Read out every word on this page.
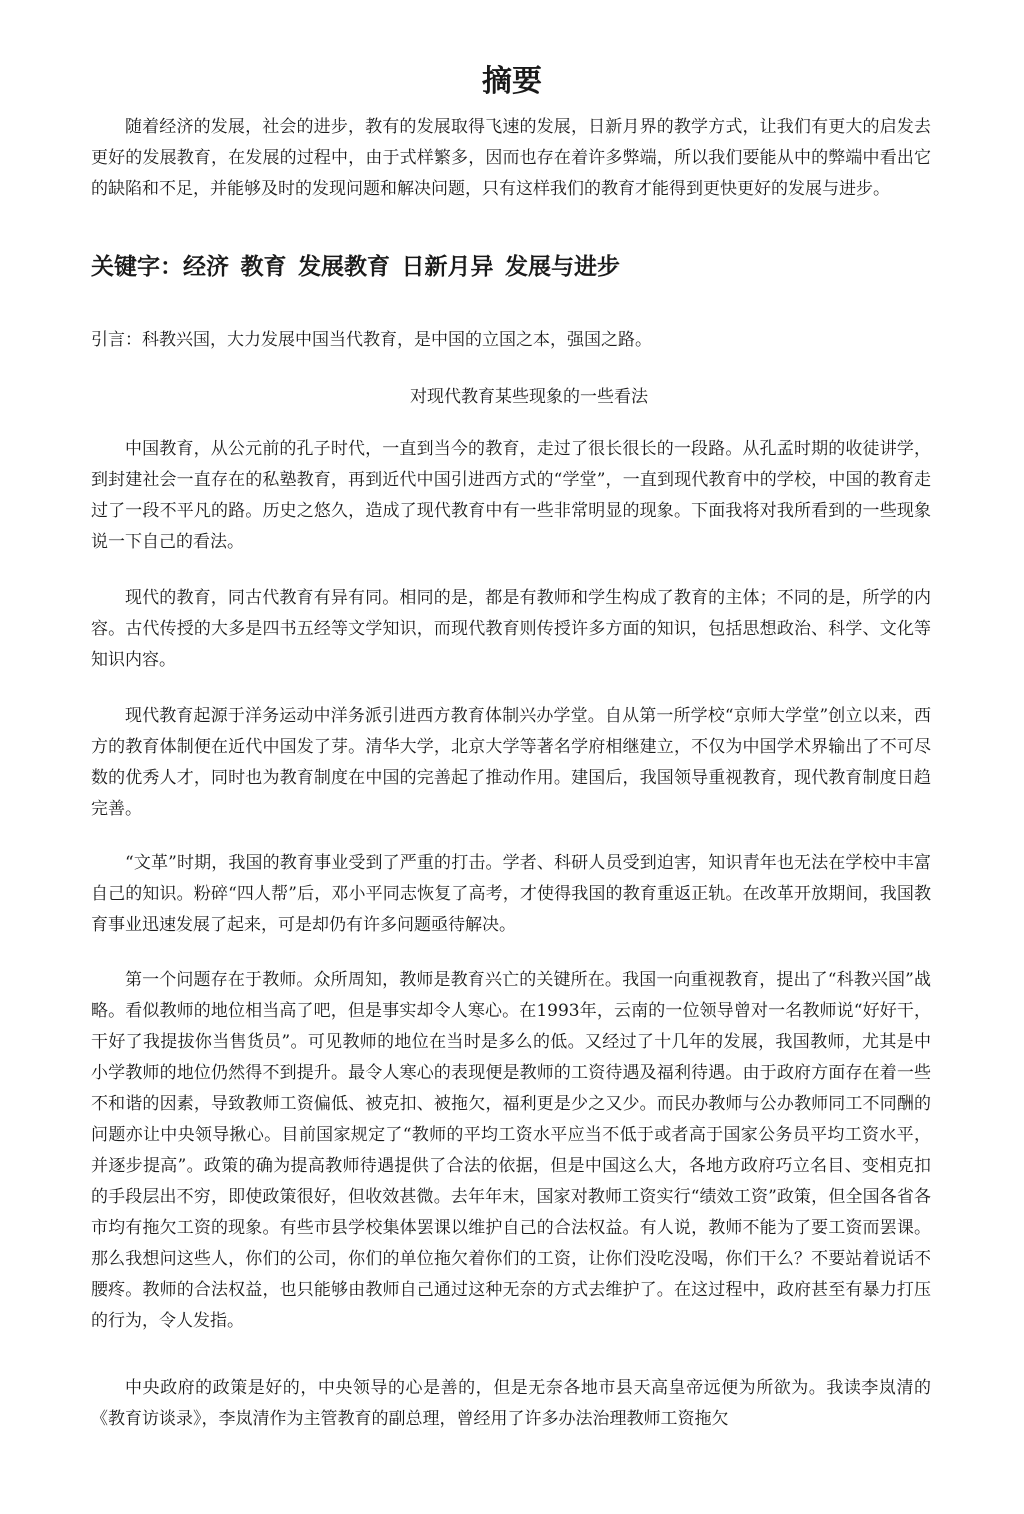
摘要

随着经济的发展，社会的进步，教有的发展取得飞速的发展，日新月界的教学方式，让我们有更大的启发去更好的发展教育，在发展的过程中，由于式样繁多，因而也存在着许多弊端，所以我们要能从中的弊端中看出它的缺陷和不足，并能够及时的发现问题和解决问题，只有这样我们的教育才能得到更快更好的发展与进步。

关键字：经济 教育 发展教育 日新月异 发展与进步

引言：科教兴国，大力发展中国当代教育，是中国的立国之本，强国之路。

对现代教育某些现象的一些看法

中国教育，从公元前的孔子时代，一直到当今的教育，走过了很长很长的一段路。从孔孟时期的收徒讲学，到封建社会一直存在的私塾教育，再到近代中国引进西方式的“学堂”，一直到现代教育中的学校，中国的教育走过了一段不平凡的路。历史之悠久，造成了现代教育中有一些非常明显的现象。下面我将对我所看到的一些现象说一下自己的看法。

现代的教育，同古代教育有异有同。相同的是，都是有教师和学生构成了教育的主体；不同的是，所学的内容。古代传授的大多是四书五经等文学知识，而现代教育则传授许多方面的知识，包括思想政治、科学、文化等知识内容。

现代教育起源于洋务运动中洋务派引进西方教育体制兴办学堂。自从第一所学校“京师大学堂”创立以来，西方的教育体制便在近代中国发了芽。清华大学，北京大学等著名学府相继建立，不仅为中国学术界输出了不可尽数的优秀人才，同时也为教育制度在中国的完善起了推动作用。建国后，我国领导重视教育，现代教育制度日趋完善。

“文革”时期，我国的教育事业受到了严重的打击。学者、科研人员受到迫害，知识青年也无法在学校中丰富自己的知识。粉碎“四人帮”后，邓小平同志恢复了高考，才使得我国的教育重返正轨。在改革开放期间，我国教育事业迅速发展了起来，可是却仍有许多问题亟待解决。

第一个问题存在于教师。众所周知，教师是教育兴亡的关键所在。我国一向重视教育，提出了“科教兴国”战略。看似教师的地位相当高了吧，但是事实却令人寒心。在1993年，云南的一位领导曾对一名教师说“好好干，干好了我提拔你当售货员”。可见教师的地位在当时是多么的低。又经过了十几年的发展，我国教师，尤其是中小学教师的地位仍然得不到提升。最令人寒心的表现便是教师的工资待遇及福利待遇。由于政府方面存在着一些不和谐的因素，导致教师工资偏低、被克扣、被拖欠，福利更是少之又少。而民办教师与公办教师同工不同酬的问题亦让中央领导揪心。目前国家规定了“教师的平均工资水平应当不低于或者高于国家公务员平均工资水平，并逐步提高”。政策的确为提高教师待遇提供了合法的依据，但是中国这么大，各地方政府巧立名目、变相克扣的手段层出不穷，即使政策很好，但收效甚微。去年年末，国家对教师工资实行“绩效工资”政策，但全国各省各市均有拖欠工资的现象。有些市县学校集体罢课以维护自己的合法权益。有人说，教师不能为了要工资而罢课。那么我想问这些人，你们的公司，你们的单位拖欠着你们的工资，让你们没吃没喝，你们干么？不要站着说话不腰疼。教师的合法权益，也只能够由教师自己通过这种无奈的方式去维护了。在这过程中，政府甚至有暴力打压的行为，令人发指。

中央政府的政策是好的，中央领导的心是善的，但是无奈各地市县天高皇帝远便为所欲为。我读李岚清的《教育访谈录》，李岚清作为主管教育的副总理，曾经用了许多办法治理教师工资拖欠
